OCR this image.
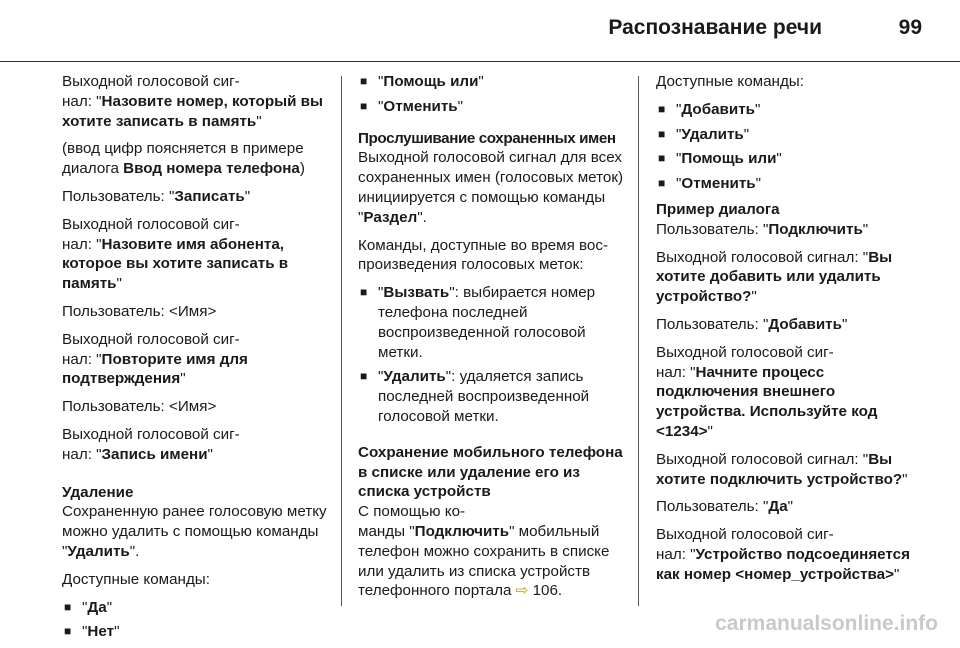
Распознавание речи	99

Выходной голосовой сиг-
нал: "Назовите номер, который вы хотите записать в память"

(ввод цифр поясняется в примере диалога Ввод номера телефона)

Пользователь: "Записать"

Выходной голосовой сиг-
нал: "Назовите имя абонента, которое вы хотите записать в память"

Пользователь: <Имя>

Выходной голосовой сиг-
нал: "Повторите имя для подтверждения"

Пользователь: <Имя>

Выходной голосовой сиг-
нал: "Запись имени"

Удаление

Сохраненную ранее голосовую метку можно удалить с помощью команды "Удалить".

Доступные команды:

■ "Да"
■ "Нет"
■ "Помощь или"
■ "Отменить"
Прослушивание сохраненных имен

Выходной голосовой сигнал для всех сохраненных имен (голосовых меток) инициируется с помощью команды "Раздел".

Команды, доступные во время воспроизведения голосовых меток:

■ "Вызвать": выбирается номер телефона последней воспроизведенной голосовой метки.
■ "Удалить": удаляется запись последней воспроизведенной голосовой метки.
Сохранение мобильного телефона в списке или удаление его из списка устройств

С помощью ко-
манды "Подключить" мобильный телефон можно сохранить в списке или удалить из списка устройств телефонного портала ⇨ 106.

Доступные команды:

■ "Добавить"
■ "Удалить"
■ "Помощь или"
■ "Отменить"
Пример диалога

Пользователь: "Подключить"

Выходной голосовой сигнал: "Вы хотите добавить или удалить устройство?"

Пользователь: "Добавить"

Выходной голосовой сиг-
нал: "Начните процесс подключения внешнего устройства. Используйте код <1234>"

Выходной голосовой сигнал: "Вы хотите подключить устройство?"

Пользователь: "Да"

Выходной голосовой сиг-
нал: "Устройство подсоединяется как номер <номер_устройства>"

carmanualsonline.info
